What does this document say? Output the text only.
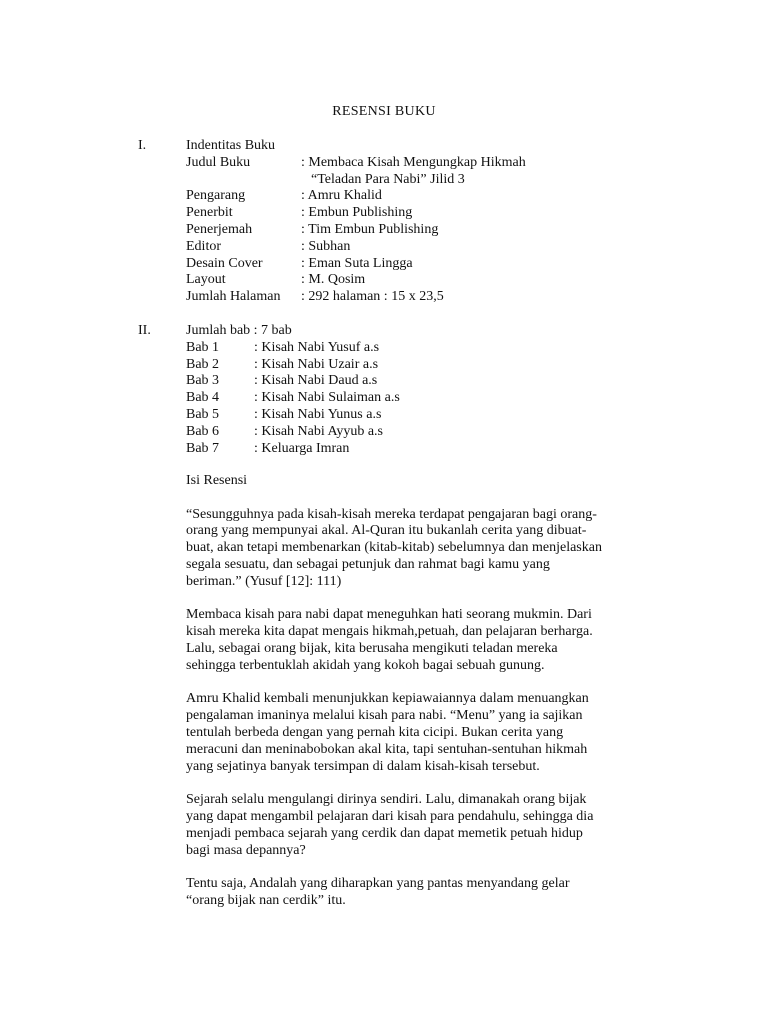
RESENSI BUKU
I.	Indentitas Buku
Judul Buku	: Membaca Kisah Mengungkap Hikmah
“Teladan Para Nabi” Jilid 3
Pengarang	: Amru Khalid
Penerbit	: Embun Publishing
Penerjemah	: Tim Embun Publishing
Editor	: Subhan
Desain Cover	: Eman Suta Lingga
Layout	: M. Qosim
Jumlah Halaman	: 292 halaman : 15 x 23,5
II.	Jumlah bab : 7 bab
Bab 1	: Kisah Nabi Yusuf a.s
Bab 2	: Kisah Nabi Uzair a.s
Bab 3	: Kisah Nabi Daud a.s
Bab 4	: Kisah Nabi Sulaiman a.s
Bab 5	: Kisah Nabi Yunus a.s
Bab 6	: Kisah Nabi Ayyub a.s
Bab 7	: Keluarga Imran

Isi Resensi

“Sesungguhnya pada kisah-kisah mereka terdapat pengajaran bagi orang-
orang yang mempunyai akal. Al-Quran itu bukanlah cerita yang dibuat-
buat, akan tetapi membenarkan (kitab-kitab) sebelumnya dan menjelaskan
segala sesuatu, dan sebagai petunjuk dan rahmat bagi kamu yang
beriman.” (Yusuf [12]: 111)

Membaca kisah para nabi dapat meneguhkan hati seorang mukmin. Dari
kisah mereka kita dapat mengais hikmah,petuah, dan pelajaran berharga.
Lalu, sebagai orang bijak, kita berusaha mengikuti teladan mereka
sehingga terbentuklah akidah yang kokoh bagai sebuah gunung.

Amru Khalid kembali menunjukkan kepiawaiannya dalam menuangkan
pengalaman imaninya melalui kisah para nabi. “Menu” yang ia sajikan
tentulah berbeda dengan yang pernah kita cicipi. Bukan cerita yang
meracuni dan meninabobokan akal kita, tapi sentuhan-sentuhan hikmah
yang sejatinya banyak tersimpan di dalam kisah-kisah tersebut.

Sejarah selalu mengulangi dirinya sendiri. Lalu, dimanakah orang bijak
yang dapat mengambil pelajaran dari kisah para pendahulu, sehingga dia
menjadi pembaca sejarah yang cerdik dan dapat memetik petuah hidup
bagi masa depannya?

Tentu saja, Andalah yang diharapkan yang pantas menyandang gelar
“orang bijak nan cerdik” itu.
